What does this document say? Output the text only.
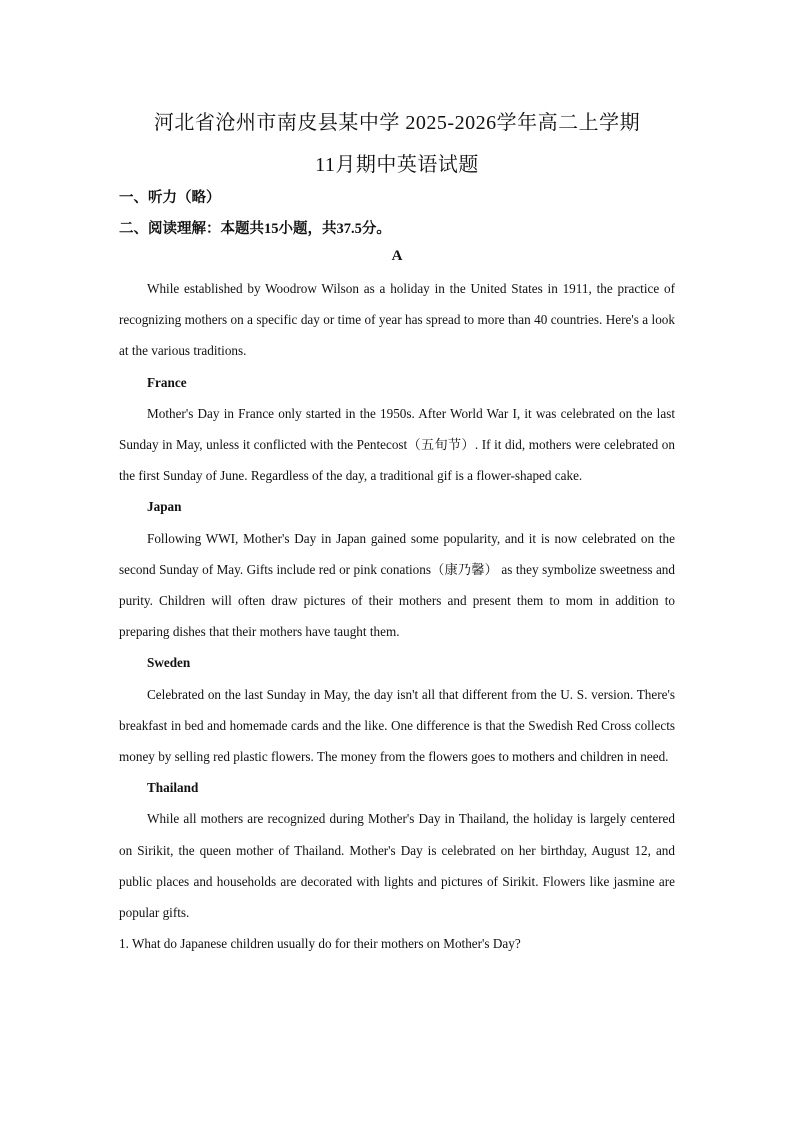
河北省沧州市南皮县某中学 2025-2026学年高二上学期
11月期中英语试题
一、听力（略）
二、阅读理解：本题共15小题，共37.5分。
A

While established by Woodrow Wilson as a holiday in the United States in 1911, the practice of recognizing mothers on a specific day or time of year has spread to more than 40 countries. Here's a look at the various traditions.

France

Mother's Day in France only started in the 1950s. After World War I, it was celebrated on the last Sunday in May, unless it conflicted with the Pentecost（五旬节）. If it did, mothers were celebrated on the first Sunday of June. Regardless of the day, a traditional gif is a flower-shaped cake.

Japan

Following WWI, Mother's Day in Japan gained some popularity, and it is now celebrated on the second Sunday of May. Gifts include red or pink conations（康乃馨） as they symbolize sweetness and purity. Children will often draw pictures of their mothers and present them to mom in addition to preparing dishes that their mothers have taught them.

Sweden

Celebrated on the last Sunday in May, the day isn't all that different from the U. S. version. There's breakfast in bed and homemade cards and the like. One difference is that the Swedish Red Cross collects money by selling red plastic flowers. The money from the flowers goes to mothers and children in need.

Thailand

While all mothers are recognized during Mother's Day in Thailand, the holiday is largely centered on Sirikit, the queen mother of Thailand. Mother's Day is celebrated on her birthday, August 12, and public places and households are decorated with lights and pictures of Sirikit. Flowers like jasmine are popular gifts.

1. What do Japanese children usually do for their mothers on Mother's Day?
